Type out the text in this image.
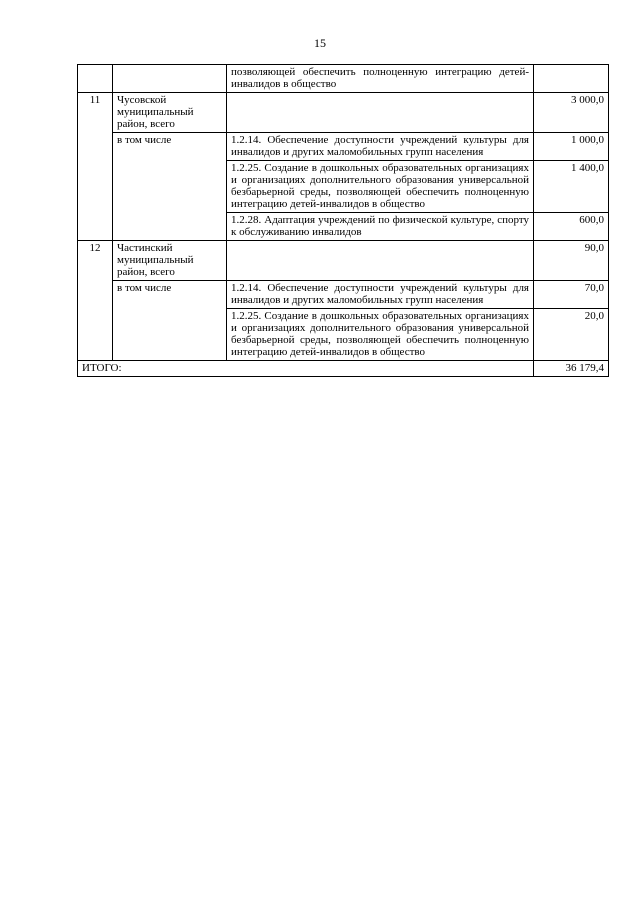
15
		позволяющей обеспечить полноценную интеграцию детей-инвалидов в общество	
11	Чусовской муниципальный район, всего		3 000,0
	в том числе	1.2.14. Обеспечение доступности учреждений культуры для инвалидов и других маломобильных групп населения	1 000,0
		1.2.25. Создание в дошкольных образовательных организациях и организациях дополнительного образования универсальной безбарьерной среды, позволяющей обеспечить полноценную интеграцию детей-инвалидов в общество	1 400,0
		1.2.28. Адаптация учреждений по физической культуре, спорту к обслуживанию инвалидов	600,0
12	Частинский муниципальный район, всего		90,0
	в том числе	1.2.14. Обеспечение доступности учреждений культуры для инвалидов и других маломобильных групп населения	70,0
		1.2.25. Создание в дошкольных образовательных организациях и организациях дополнительного образования универсальной безбарьерной среды, позволяющей обеспечить полноценную интеграцию детей-инвалидов в общество	20,0
ИТОГО:			36 179,4
